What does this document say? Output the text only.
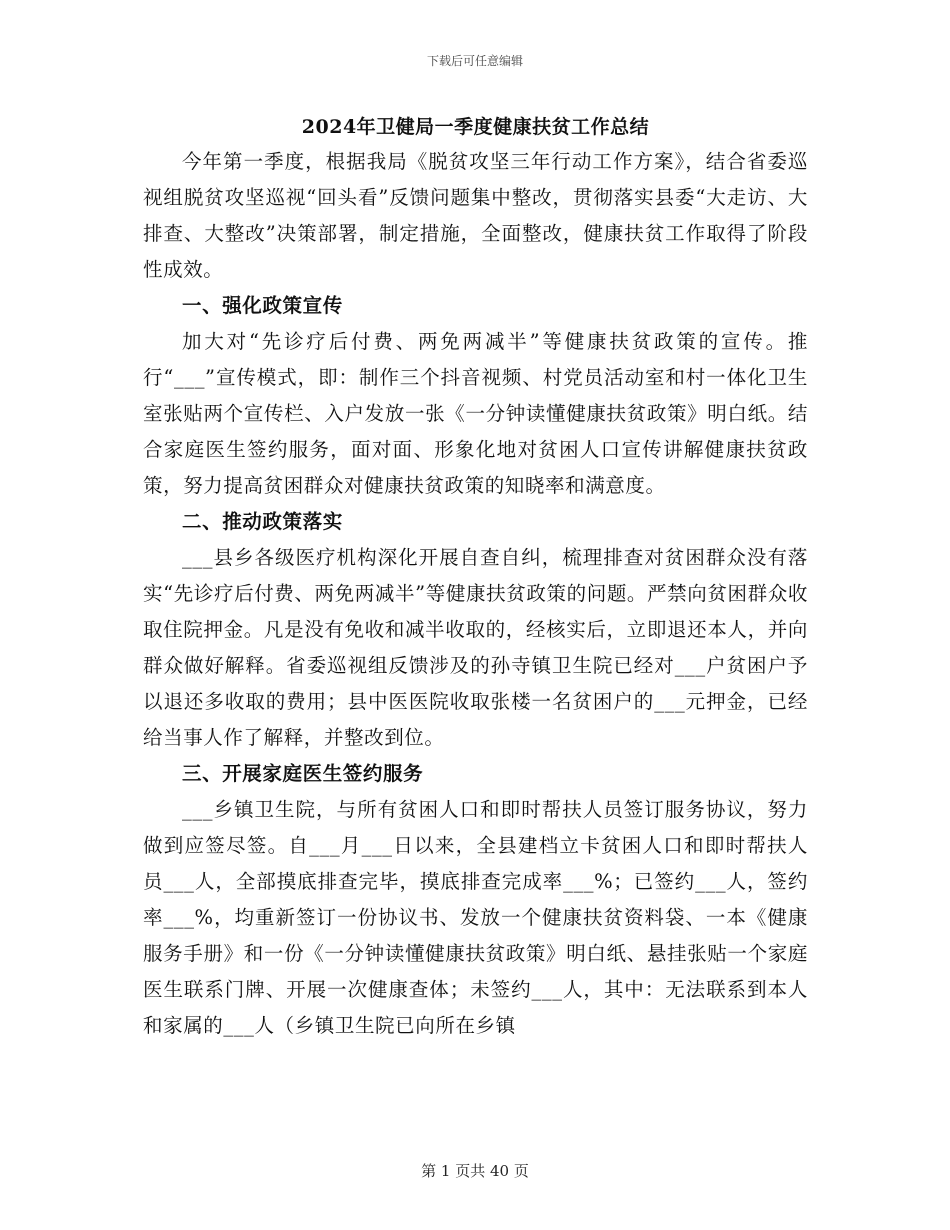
下载后可任意编辑
2024年卫健局一季度健康扶贫工作总结

今年第一季度，根据我局《脱贫攻坚三年行动工作方案》，结合省委巡视组脱贫攻坚巡视“回头看”反馈问题集中整改，贯彻落实县委“大走访、大排查、大整改”决策部署，制定措施，全面整改，健康扶贫工作取得了阶段性成效。

一、强化政策宣传

加大对“先诊疗后付费、两免两减半”等健康扶贫政策的宣传。推行“___”宣传模式，即：制作三个抖音视频、村党员活动室和村一体化卫生室张贴两个宣传栏、入户发放一张《一分钟读懂健康扶贫政策》明白纸。结合家庭医生签约服务，面对面、形象化地对贫困人口宣传讲解健康扶贫政策，努力提高贫困群众对健康扶贫政策的知晓率和满意度。

二、推动政策落实

___县乡各级医疗机构深化开展自查自纠，梳理排查对贫困群众没有落实“先诊疗后付费、两免两减半”等健康扶贫政策的问题。严禁向贫困群众收取住院押金。凡是没有免收和减半收取的，经核实后，立即退还本人，并向群众做好解释。省委巡视组反馈涉及的孙寺镇卫生院已经对___户贫困户予以退还多收取的费用；县中医医院收取张楼一名贫困户的___元押金，已经给当事人作了解释，并整改到位。

三、开展家庭医生签约服务

___乡镇卫生院，与所有贫困人口和即时帮扶人员签订服务协议，努力做到应签尽签。自___月___日以来，全县建档立卡贫困人口和即时帮扶人员___人，全部摸底排查完毕，摸底排查完成率___%；已签约___人，签约率___%，均重新签订一份协议书、发放一个健康扶贫资料袋、一本《健康服务手册》和一份《一分钟读懂健康扶贫政策》明白纸、悬挂张贴一个家庭医生联系门牌、开展一次健康查体；未签约___人，其中：无法联系到本人和家属的___人（乡镇卫生院已向所在乡镇

第 1 页共 40 页
